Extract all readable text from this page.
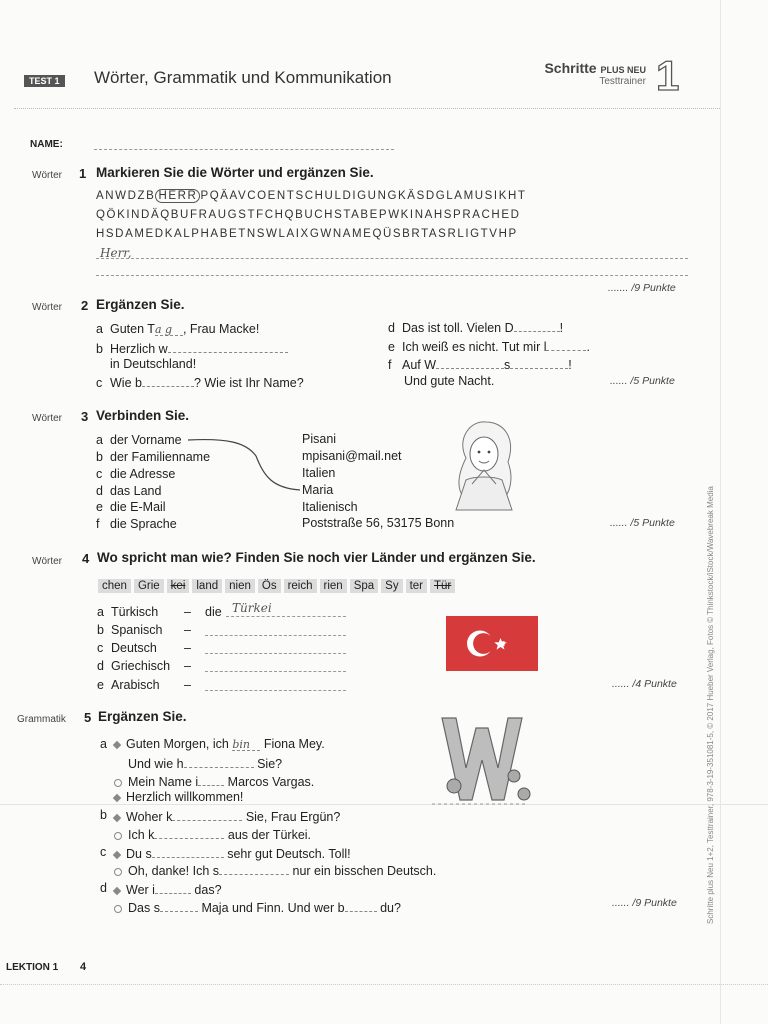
TEST 1 Wörter, Grammatik und Kommunikation	Schritte PLUS NEU
Testtrainer 1
NAME:
Wörter 1 Markieren Sie die Wörter und ergänzen Sie.
ANWDZB HERR PQÄAVCOENTSCHULDIGUNGKÄSDGLAMUSIKHT
QÖKINDÄQBUFRAUGSTFCHQBUCHSTABEPWKINAHSPRACHED
HSDAMEDKALPHABETNSWLAIXGWNAMEQÜSBRTASRLIGTVHP
Herr,
....... /9 Punkte
Wörter 2 Ergänzen Sie.
a Guten Ta g , Frau Macke!
b Herzlich w
in Deutschland!
c Wie b	? Wie ist Ihr Name?
d Das ist toll. Vielen D	!
e Ich weiß es nicht. Tut mir l	.
f Auf W	s	!
Und gute Nacht.	...... /5 Punkte
Wörter 3 Verbinden Sie.
a der Vorname
b der Familienname
c die Adresse
d das Land
e die E-Mail
f die Sprache
Pisani
mpisani@mail.net
Italien
Maria
Italienisch
Poststraße 56, 53175 Bonn	...... /5 Punkte
Wörter 4 Wo spricht man wie? Finden Sie noch vier Länder und ergänzen Sie.
chen Grie kei land nien Ös reich rien Spa Sy ter Tür
a Türkisch – die Türkei
b Spanisch –
c Deutsch –
d Griechisch –
e Arabisch –	...... /4 Punkte
Grammatik 5 Ergänzen Sie.
a	Guten Morgen, ich bin Fiona Mey.
Und wie h	Sie?
Mein Name i Marcos Vargas.
Herzlich willkommen!
b	Woher k	Sie, Frau Ergün?
Ich k	aus der Türkei.
c	Du s	sehr gut Deutsch. Toll!
Oh, danke! Ich s	nur ein bisschen Deutsch.
d	Wer i	das?
Das s	Maja und Finn. Und wer b	du?	...... /9 Punkte	Schritte plus Neu 1+2, Testtrainer, 978-3-19-351081-5, © 2017 Hueber Verlag, Fotos © Thinkstock/iStock/Wavebreak Media
LEKTION 1 4
